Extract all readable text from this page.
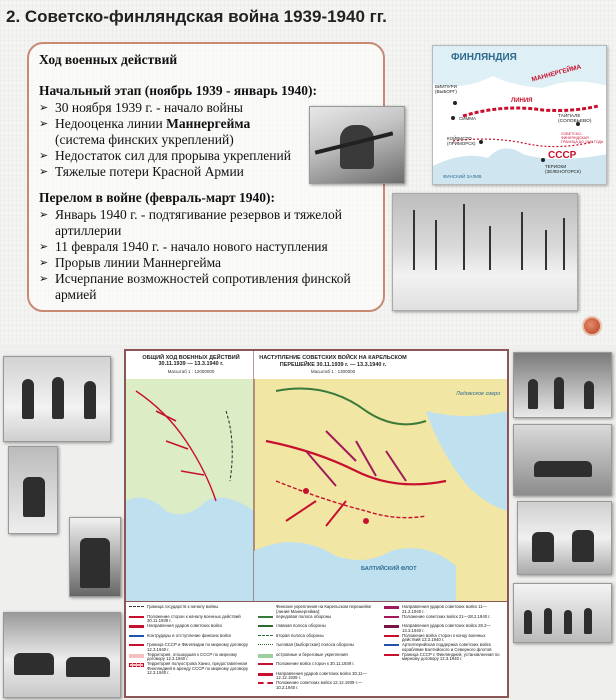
2. Советско-финляндская война 1939-1940 гг.
Ход военных действий
Начальный этап (ноябрь 1939 - январь 1940):
➢ 30 ноября 1939 г. - начало войны
➢ Недооценка линии Маннергейма
(система финских укреплений)
➢ Недостаток сил для прорыва укреплений
➢ Тяжелые потери Красной Армии
Перелом в войне (февраль-март 1940):
➢ Январь 1940 г. - подтягивание резервов и тяжелой
артиллерии
➢ 11 февраля 1940 г. - начало нового наступления
➢ Прорыв линии Маннергейма
➢ Исчерпание возможностей сопротивления финской
армией
ФИНЛЯНДИЯ
МАННЕРГЕЙМА
ЛИНИЯ
ВИИПУРИ (ВЫБОРГ)
СИММА
КОЙВИСТО (ПРИМОРСК)
ТАЙПАЛЕ (СОЛОВЬЕВО)
СССР
ФИНСКИЙ ЗАЛИВ
ТЕРИОКИ (ЗЕЛЕНОГОРСК)
СОВЕТСКО-ФИНЛЯНДСКАЯ ГРАНИЦА ДО 1940 ГОДА
ОБЩИЙ ХОД ВОЕННЫХ ДЕЙСТВИЙ 30.11.1939 — 13.3.1940 г.
Масштаб 1 : 12000000
НАСТУПЛЕНИЕ СОВЕТСКИХ ВОЙСК НА КАРЕЛЬСКОМ ПЕРЕШЕЙКЕ 30.11.1939 г. — 13.3.1940 г.
Масштаб 1 : 1300000
Ладожское озеро
БАЛТИЙСКИЙ ФЛОТ
Граница государств к началу войны
Положение сторон к началу военных действий 30.11.1939 г.
Направления ударов советских войск
Контрудары и отступление финских войск
Граница СССР и Финляндии по мирному договору 12.3.1940 г.
Территория, отошедшая к СССР по мирному договору 12.3.1940 г.
Территория полуострова Ханко, предоставленная Финляндией в аренду СССР по мирному договору 12.3.1940 г.
Финские укрепления на Карельском перешейке (линия Маннергейма):
передовая полоса обороны
главная полоса обороны
вторая полоса обороны
тыловая (выборгская) полоса обороны
островные и береговые укрепления
Положение войск сторон к 30.11.1939 г.
Направления ударов советских войск 30.11—12.12.1939 г.
Положение советских войск 12.12.1939 г.—10.2.1940 г.
Направления ударов советских войск 11—21.2.1940 г.
Положение советских войск 21—28.2.1940 г.
Направления ударов советских войск 28.2—13.3.1940 г.
Положение войск сторон к концу военных действий 13.3.1940 г.
Артиллерийская поддержка советских войск кораблями Балтийского и Северного флотов
Граница СССР с Финляндией, установленная по мирному договору 12.3.1940 г.
